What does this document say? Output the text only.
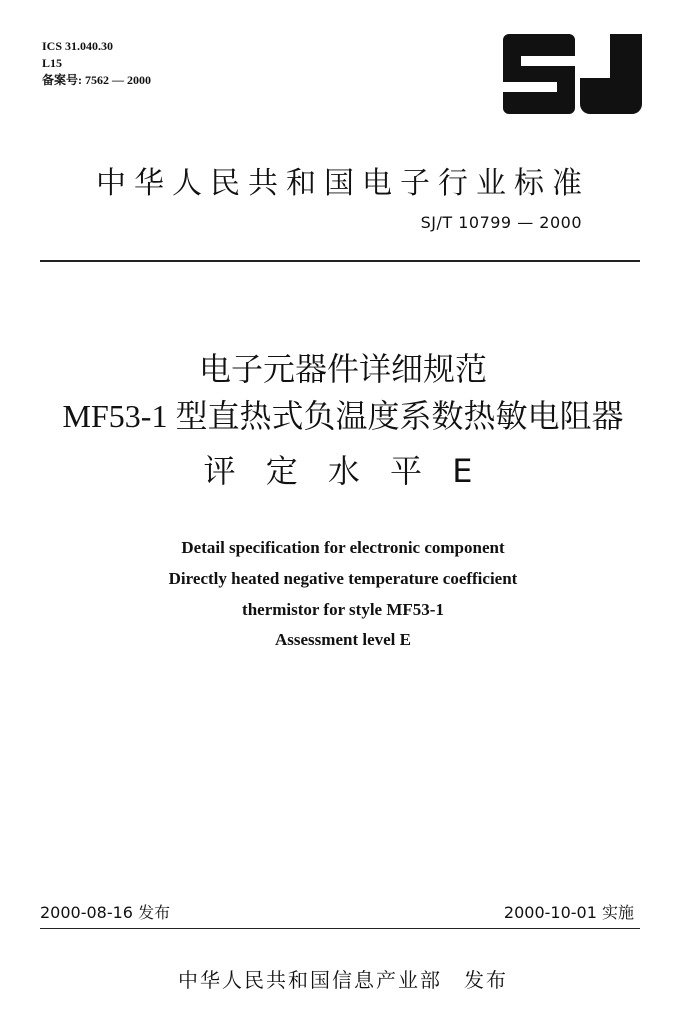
ICS 31.040.30
L15
备案号: 7562 — 2000
中华人民共和国电子行业标准
SJ/T 10799 — 2000
电子元器件详细规范
MF53-1 型直热式负温度系数热敏电阻器
评 定 水 平 E
Detail specification for electronic component
Directly heated negative temperature coefficient
thermistor for style MF53-1
Assessment level E
2000-08-16 发布	2000-10-01 实施
中华人民共和国信息产业部　发布
